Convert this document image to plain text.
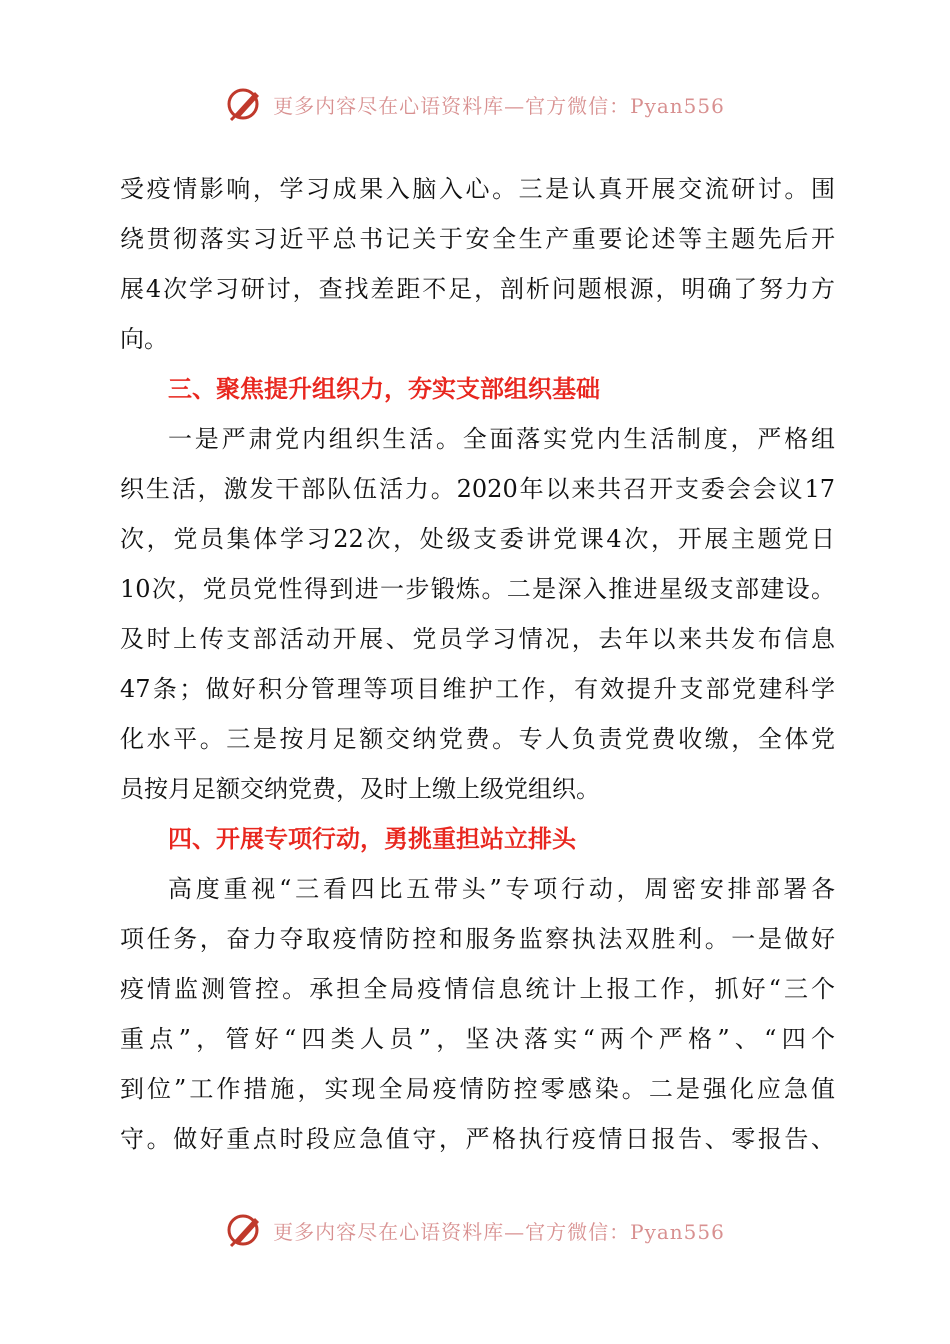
更多内容尽在心语资料库—官方微信：Pyan556
受疫情影响，学习成果入脑入心。三是认真开展交流研讨。围
绕贯彻落实习近平总书记关于安全生产重要论述等主题先后开
展4次学习研讨，查找差距不足，剖析问题根源，明确了努力方
向。
三、聚焦提升组织力，夯实支部组织基础
一是严肃党内组织生活。全面落实党内生活制度，严格组
织生活，激发干部队伍活力。2020年以来共召开支委会会议17
次，党员集体学习22次，处级支委讲党课4次，开展主题党日
10次，党员党性得到进一步锻炼。二是深入推进星级支部建设。
及时上传支部活动开展、党员学习情况，去年以来共发布信息
47条；做好积分管理等项目维护工作，有效提升支部党建科学
化水平。三是按月足额交纳党费。专人负责党费收缴，全体党
员按月足额交纳党费，及时上缴上级党组织。
四、开展专项行动，勇挑重担站立排头
高度重视“三看四比五带头”专项行动，周密安排部署各
项任务，奋力夺取疫情防控和服务监察执法双胜利。一是做好
疫情监测管控。承担全局疫情信息统计上报工作，抓好“三个
重点”，管好“四类人员”，坚决落实“两个严格”、“四个
到位”工作措施，实现全局疫情防控零感染。二是强化应急值
守。做好重点时段应急值守，严格执行疫情日报告、零报告、
更多内容尽在心语资料库—官方微信：Pyan556
